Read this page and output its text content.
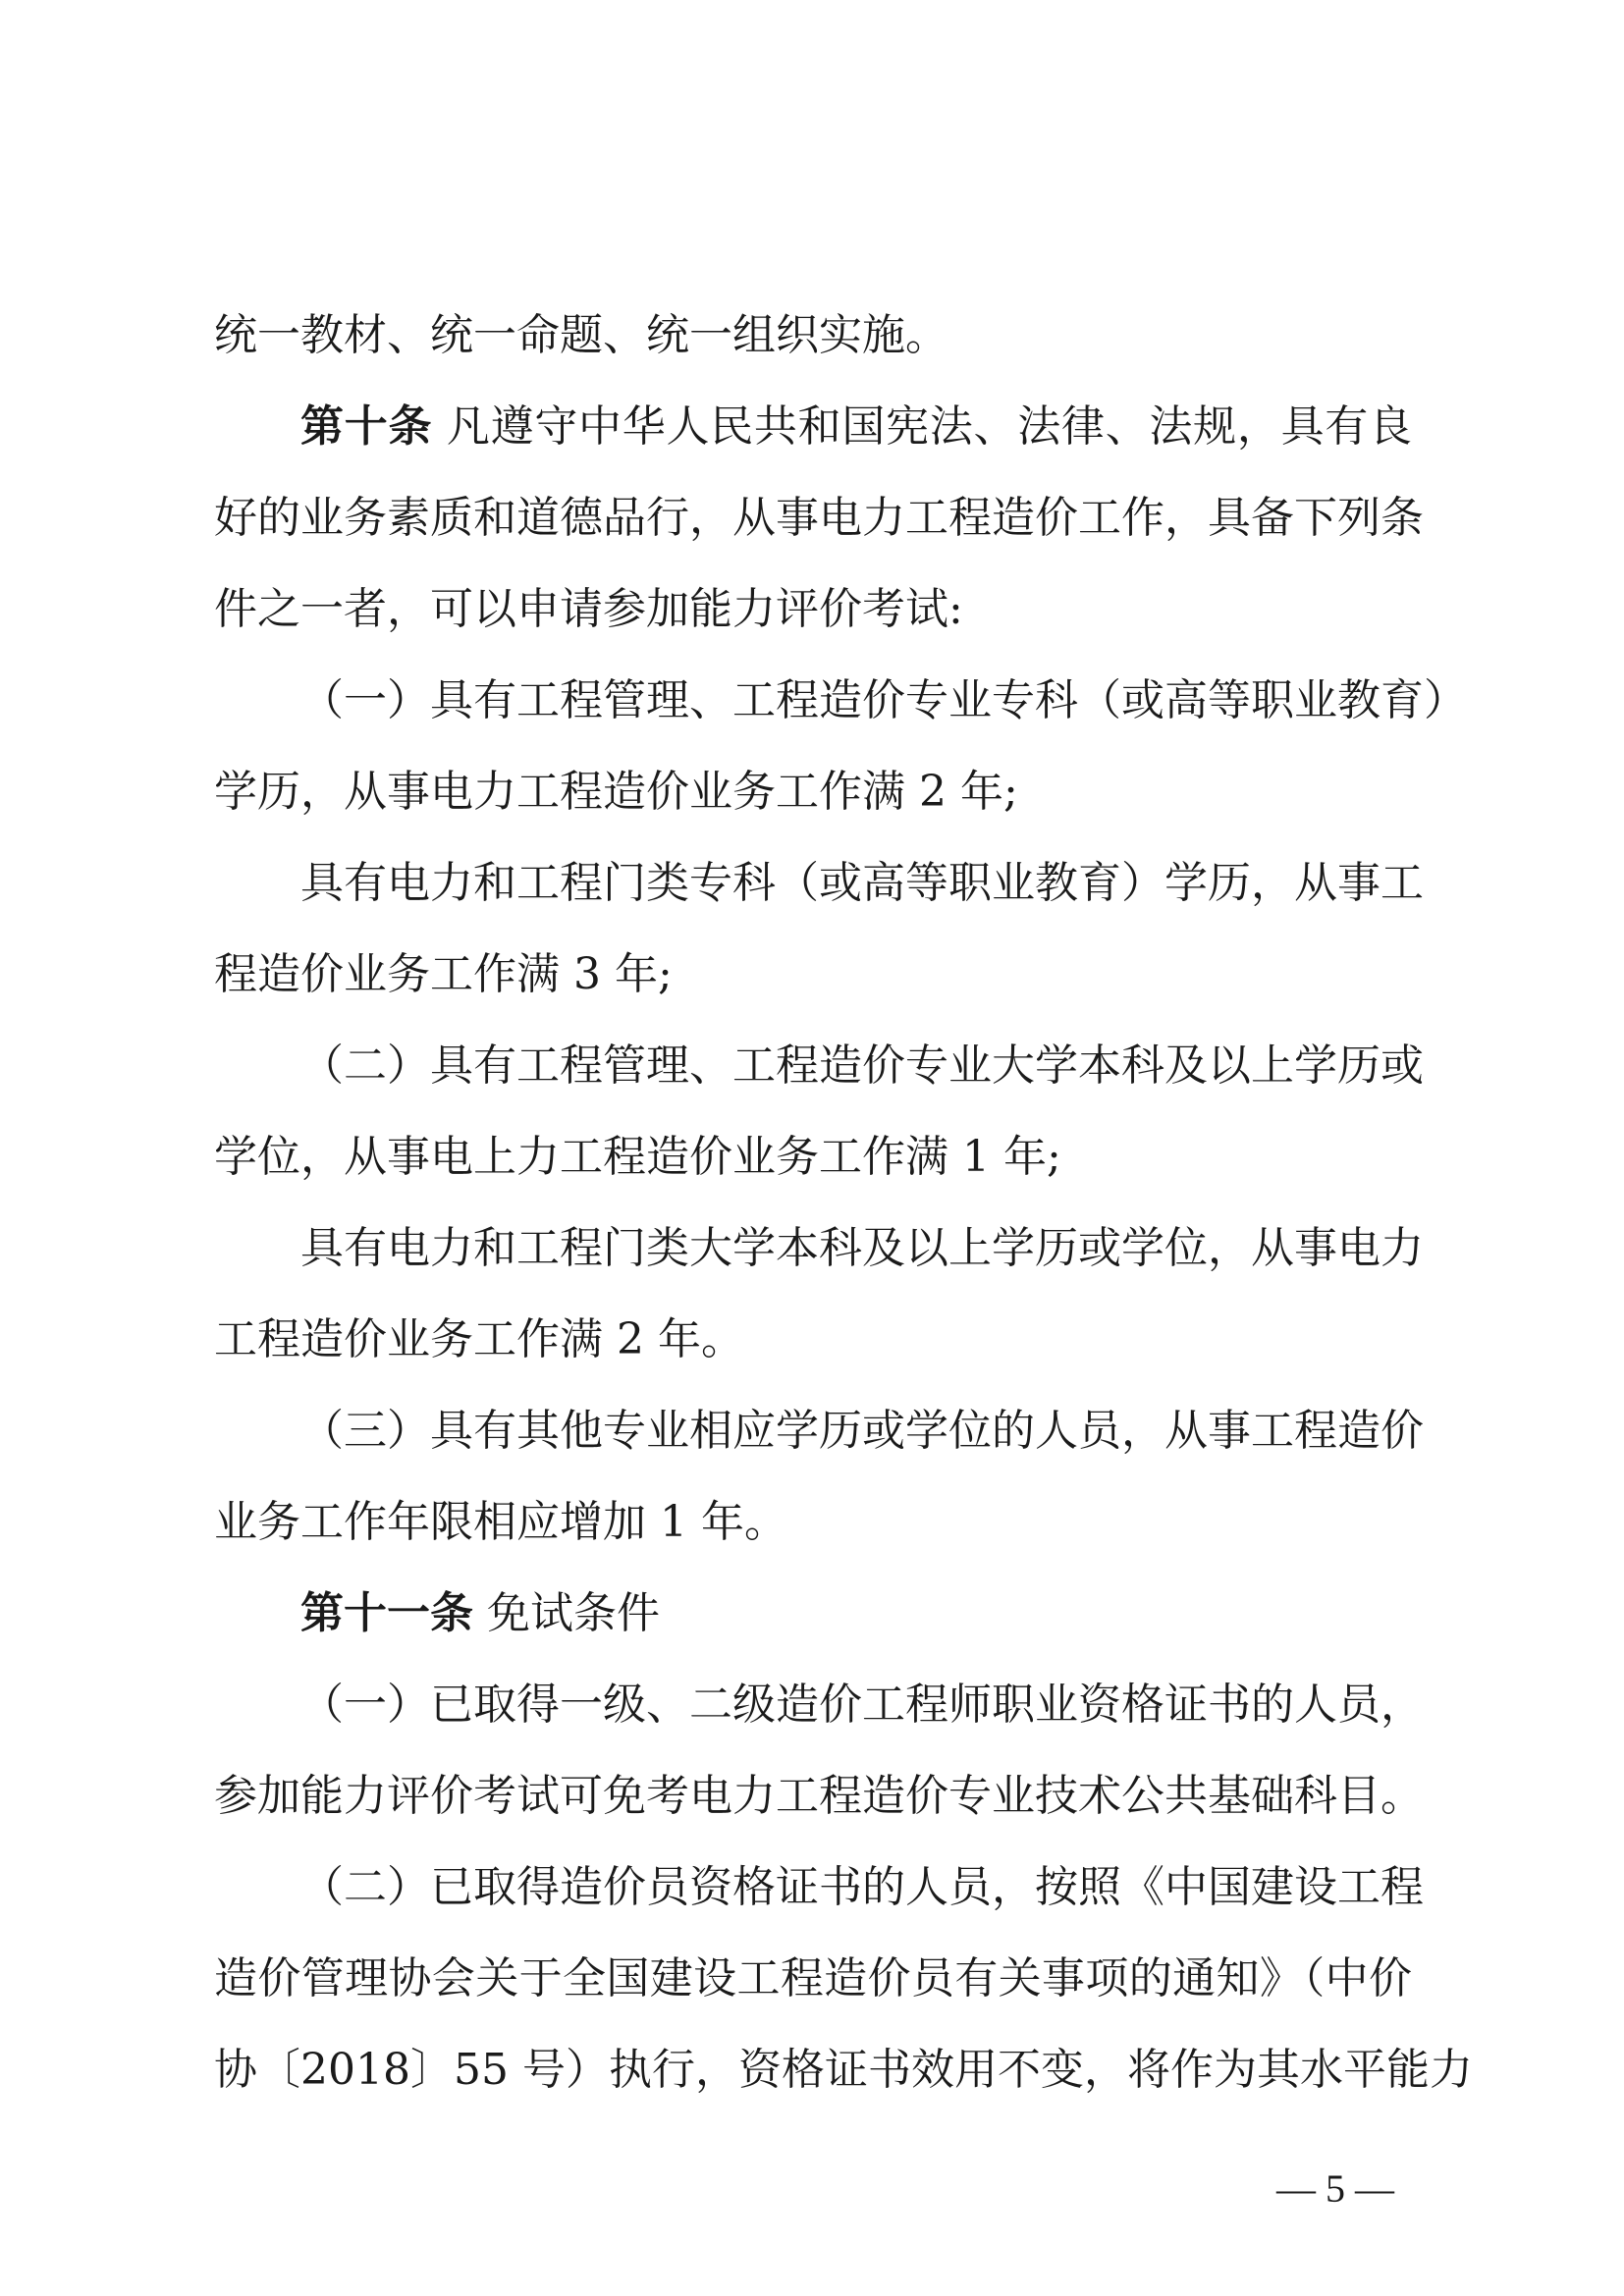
统一教材、统一命题、统一组织实施。
第十条 凡遵守中华人民共和国宪法、法律、法规，具有良
好的业务素质和道德品行，从事电力工程造价工作，具备下列条
件之一者，可以申请参加能力评价考试:
（一）具有工程管理、工程造价专业专科（或高等职业教育）
学历，从事电力工程造价业务工作满 2 年;
具有电力和工程门类专科（或高等职业教育）学历，从事工
程造价业务工作满 3 年;
（二）具有工程管理、工程造价专业大学本科及以上学历或
学位，从事电上力工程造价业务工作满 1 年;
具有电力和工程门类大学本科及以上学历或学位，从事电力
工程造价业务工作满 2 年。
（三）具有其他专业相应学历或学位的人员，从事工程造价
业务工作年限相应增加 1 年。
第十一条 免试条件
（一）已取得一级、二级造价工程师职业资格证书的人员，
参加能力评价考试可免考电力工程造价专业技术公共基础科目。
（二）已取得造价员资格证书的人员，按照《中国建设工程
造价管理协会关于全国建设工程造价员有关事项的通知》（中价
协〔2018〕55 号）执行，资格证书效用不变，将作为其水平能力
— 5 —
